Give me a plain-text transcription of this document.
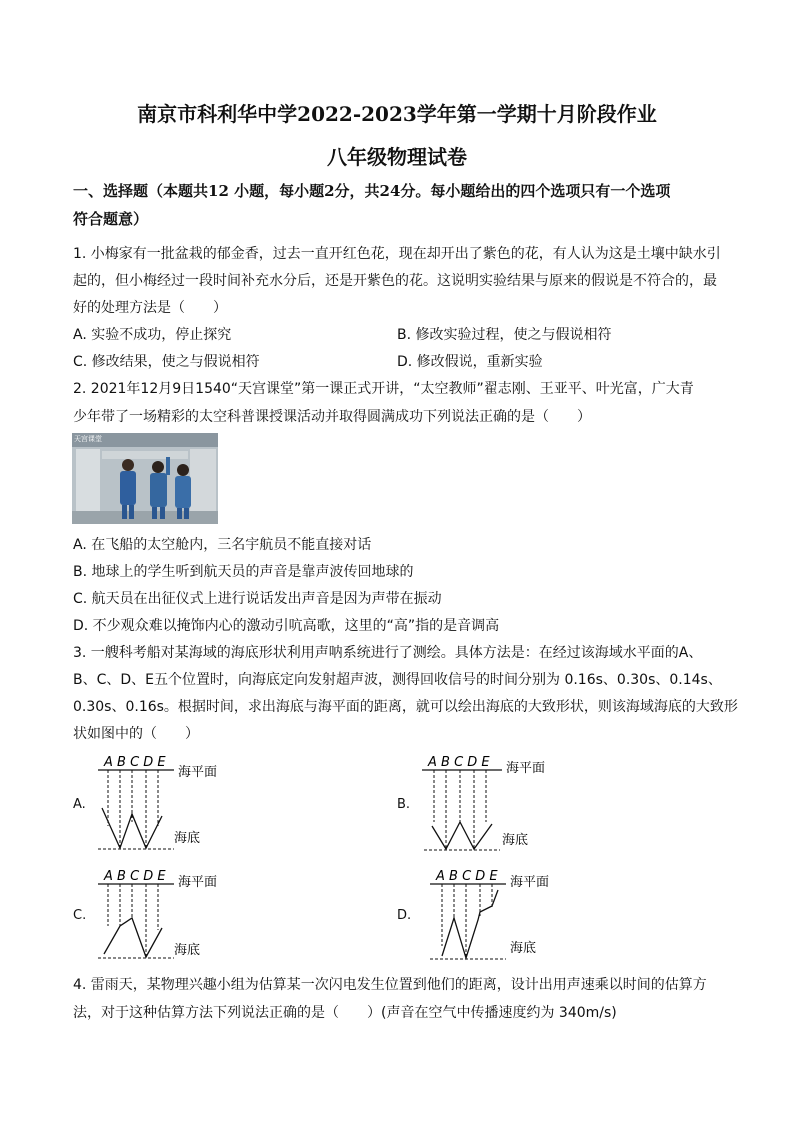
南京市科利华中学2022-2023学年第一学期十月阶段作业
八年级物理试卷
一、选择题（本题共12 小题，每小题2分，共24分。每小题给出的四个选项只有一个选项
符合题意）
1. 小梅家有一批盆栽的郁金香，过去一直开红色花，现在却开出了紫色的花，有人认为这是土壤中缺水引
起的，但小梅经过一段时间补充水分后，还是开紫色的花。这说明实验结果与原来的假说是不符合的，最
好的处理方法是（　　）
A. 实验不成功，停止探究	B. 修改实验过程，使之与假说相符
C. 修改结果，使之与假说相符	D. 修改假说，重新实验
2. 2021年12月9日1540“天宫课堂”第一课正式开讲，“太空教师”翟志刚、王亚平、叶光富，广大青
少年带了一场精彩的太空科普课授课活动并取得圆满成功下列说法正确的是（　　）
天宫课堂
A. 在飞船的太空舱内，三名宇航员不能直接对话
B. 地球上的学生听到航天员的声音是靠声波传回地球的
C. 航天员在出征仪式上进行说话发出声音是因为声带在振动
D. 不少观众难以掩饰内心的激动引吭高歌，这里的“高”指的是音调高
3. 一艘科考船对某海域的海底形状利用声呐系统进行了测绘。具体方法是：在经过该海域水平面的A、
B、C、D、E五个位置时，向海底定向发射超声波，测得回收信号的时间分别为 0.16s、0.30s、0.14s、
0.30s、0.16s。根据时间，求出海底与海平面的距离，就可以绘出海底的大致形状，则该海域海底的大致形
状如图中的（　　）
A.	B.
C.	D.
A B C D E
海平面
海底
A B C D E 海平面
海底
A B C D E 海平面
海底
A B C D E 海平面
海底
4. 雷雨天，某物理兴趣小组为估算某一次闪电发生位置到他们的距离，设计出用声速乘以时间的估算方
法，对于这种估算方法下列说法正确的是（　　）(声音在空气中传播速度约为 340m/s)
